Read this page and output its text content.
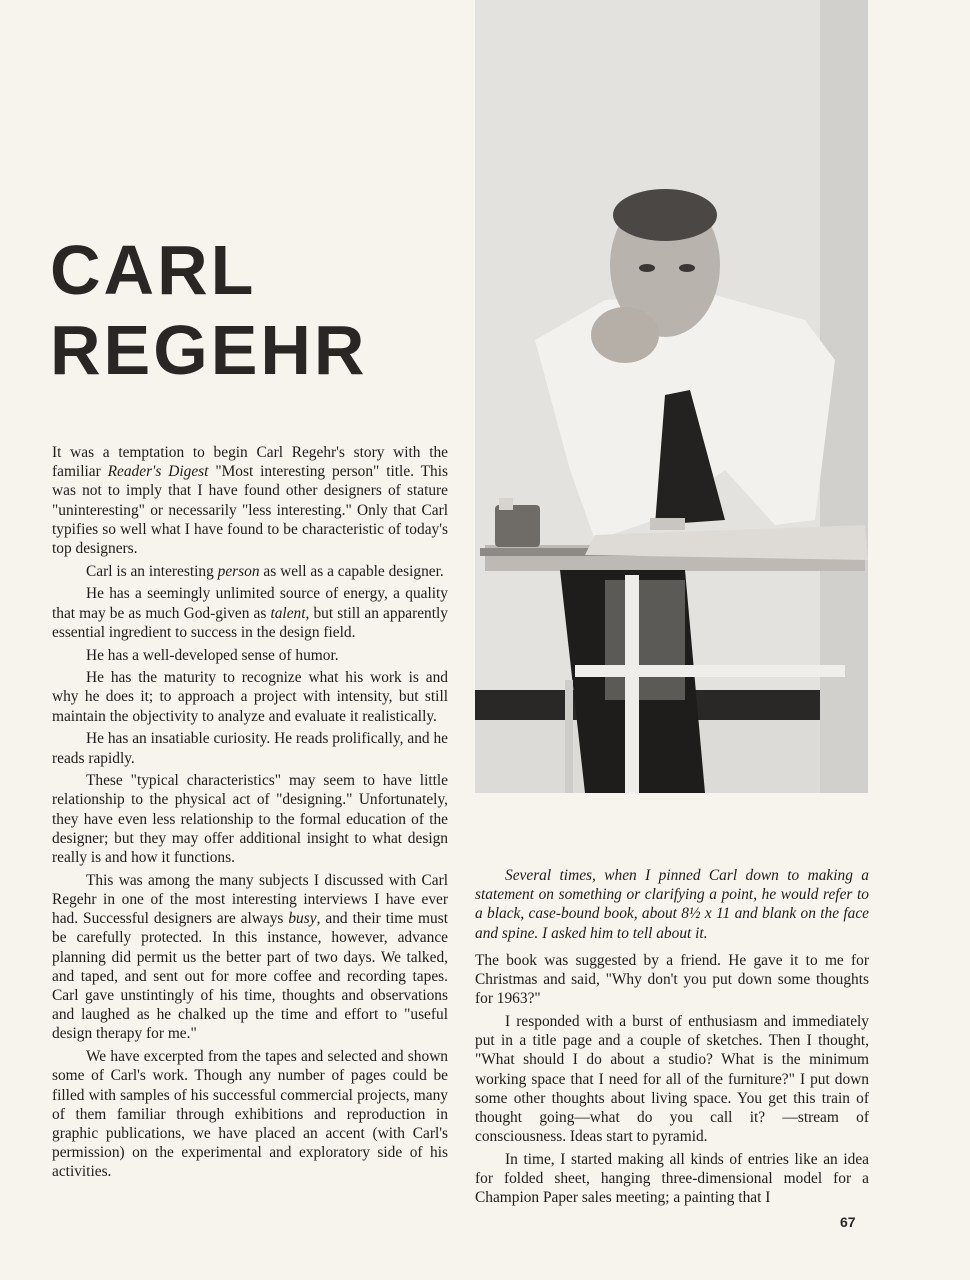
CARL
REGEHR

It was a temptation to begin Carl Regehr's story with the familiar Reader's Digest "Most interesting person" title. This was not to imply that I have found other designers of stature "uninteresting" or necessarily "less interesting." Only that Carl typifies so well what I have found to be characteristic of today's top designers.

Carl is an interesting person as well as a capable designer.

He has a seemingly unlimited source of energy, a quality that may be as much God-given as talent, but still an apparently essential ingredient to success in the design field.

He has a well-developed sense of humor.

He has the maturity to recognize what his work is and why he does it; to approach a project with intensity, but still maintain the objectivity to analyze and evaluate it realistically.

He has an insatiable curiosity. He reads prolifically, and he reads rapidly.

These "typical characteristics" may seem to have little relationship to the physical act of "designing." Unfortunately, they have even less relationship to the formal education of the designer; but they may offer additional insight to what design really is and how it functions.

This was among the many subjects I discussed with Carl Regehr in one of the most interesting interviews I have ever had. Successful designers are always busy, and their time must be carefully protected. In this instance, however, advance planning did permit us the better part of two days. We talked, and taped, and sent out for more coffee and recording tapes. Carl gave unstintingly of his time, thoughts and observations and laughed as he chalked up the time and effort to "useful design therapy for me."

We have excerpted from the tapes and selected and shown some of Carl's work. Though any number of pages could be filled with samples of his successful commercial projects, many of them familiar through exhibitions and reproduction in graphic publications, we have placed an accent (with Carl's permission) on the experimental and exploratory side of his activities.

Several times, when I pinned Carl down to making a statement on something or clarifying a point, he would refer to a black, case-bound book, about 8½ x 11 and blank on the face and spine. I asked him to tell about it.

The book was suggested by a friend. He gave it to me for Christmas and said, "Why don't you put down some thoughts for 1963?"

I responded with a burst of enthusiasm and immediately put in a title page and a couple of sketches. Then I thought, "What should I do about a studio? What is the minimum working space that I need for all of the furniture?" I put down some other thoughts about living space. You get this train of thought going—what do you call it? —stream of consciousness. Ideas start to pyramid.

In time, I started making all kinds of entries like an idea for folded sheet, hanging three-dimensional model for a Champion Paper sales meeting; a painting that I

67
